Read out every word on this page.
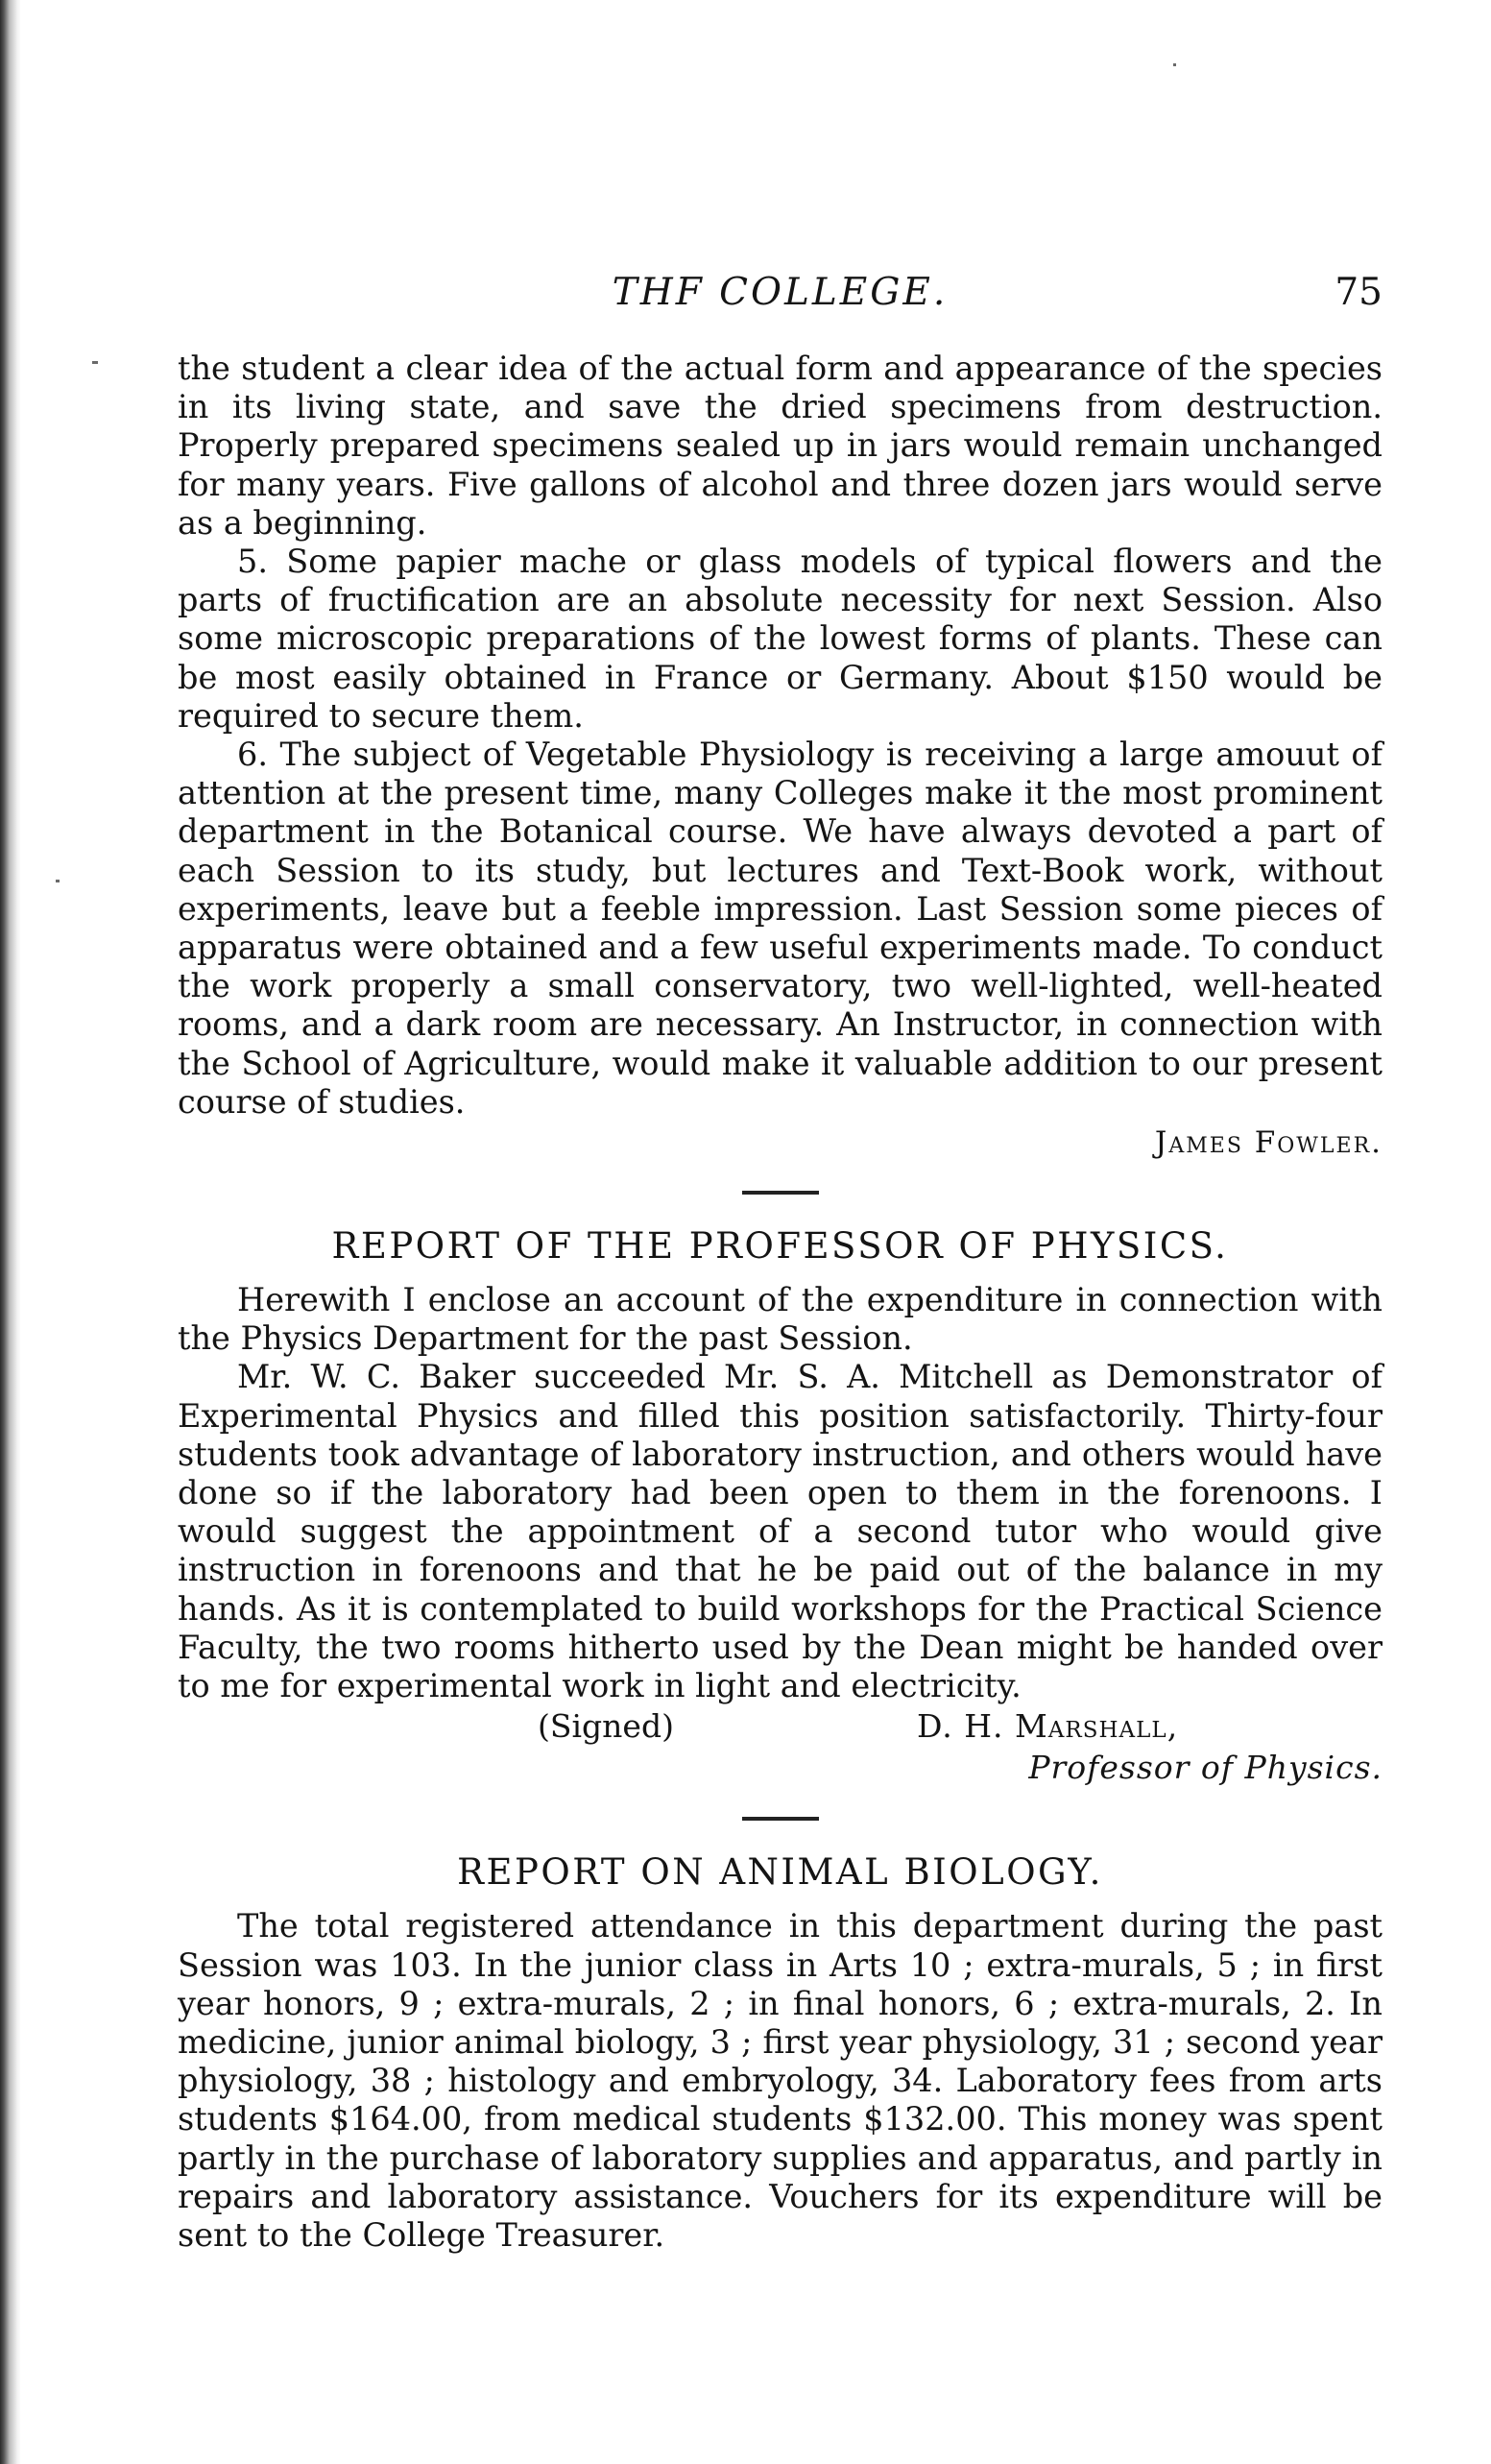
THF COLLEGE.	75

the student a clear idea of the actual form and appearance of the species in its living state, and save the dried specimens from destruction. Properly prepared specimens sealed up in jars would remain unchanged for many years. Five gallons of alcohol and three dozen jars would serve as a beginning.

5. Some papier mache or glass models of typical flowers and the parts of fructification are an absolute necessity for next Session. Also some microscopic preparations of the lowest forms of plants. These can be most easily obtained in France or Germany. About $150 would be required to secure them.

6. The subject of Vegetable Physiology is receiving a large amouut of attention at the present time, many Colleges make it the most prominent department in the Botanical course. We have always devoted a part of each Session to its study, but lectures and Text-Book work, without experiments, leave but a feeble impression. Last Session some pieces of apparatus were obtained and a few useful experiments made. To conduct the work properly a small conservatory, two well-lighted, well-heated rooms, and a dark room are necessary. An Instructor, in connection with the School of Agriculture, would make it valuable addition to our present course of studies.

James Fowler.
REPORT OF THE PROFESSOR OF PHYSICS.

Herewith I enclose an account of the expenditure in connection with the Physics Department for the past Session.

Mr. W. C. Baker succeeded Mr. S. A. Mitchell as Demonstrator of Experimental Physics and filled this position satisfactorily. Thirty-four students took advantage of laboratory instruction, and others would have done so if the laboratory had been open to them in the forenoons. I would suggest the appointment of a second tutor who would give instruction in forenoons and that he be paid out of the balance in my hands. As it is contemplated to build workshops for the Practical Science Faculty, the two rooms hitherto used by the Dean might be handed over to me for experimental work in light and electricity.

(Signed)	D. H. Marshall,
Professor of Physics.
REPORT ON ANIMAL BIOLOGY.

The total registered attendance in this department during the past Session was 103. In the junior class in Arts 10 ; extra-murals, 5 ; in first year honors, 9 ; extra-murals, 2 ; in final honors, 6 ; extra-murals, 2. In medicine, junior animal biology, 3 ; first year physiology, 31 ; second year physiology, 38 ; histology and embryology, 34. Laboratory fees from arts students $164.00, from medical students $132.00. This money was spent partly in the purchase of laboratory supplies and apparatus, and partly in repairs and laboratory assistance. Vouchers for its expenditure will be sent to the College Treasurer.
